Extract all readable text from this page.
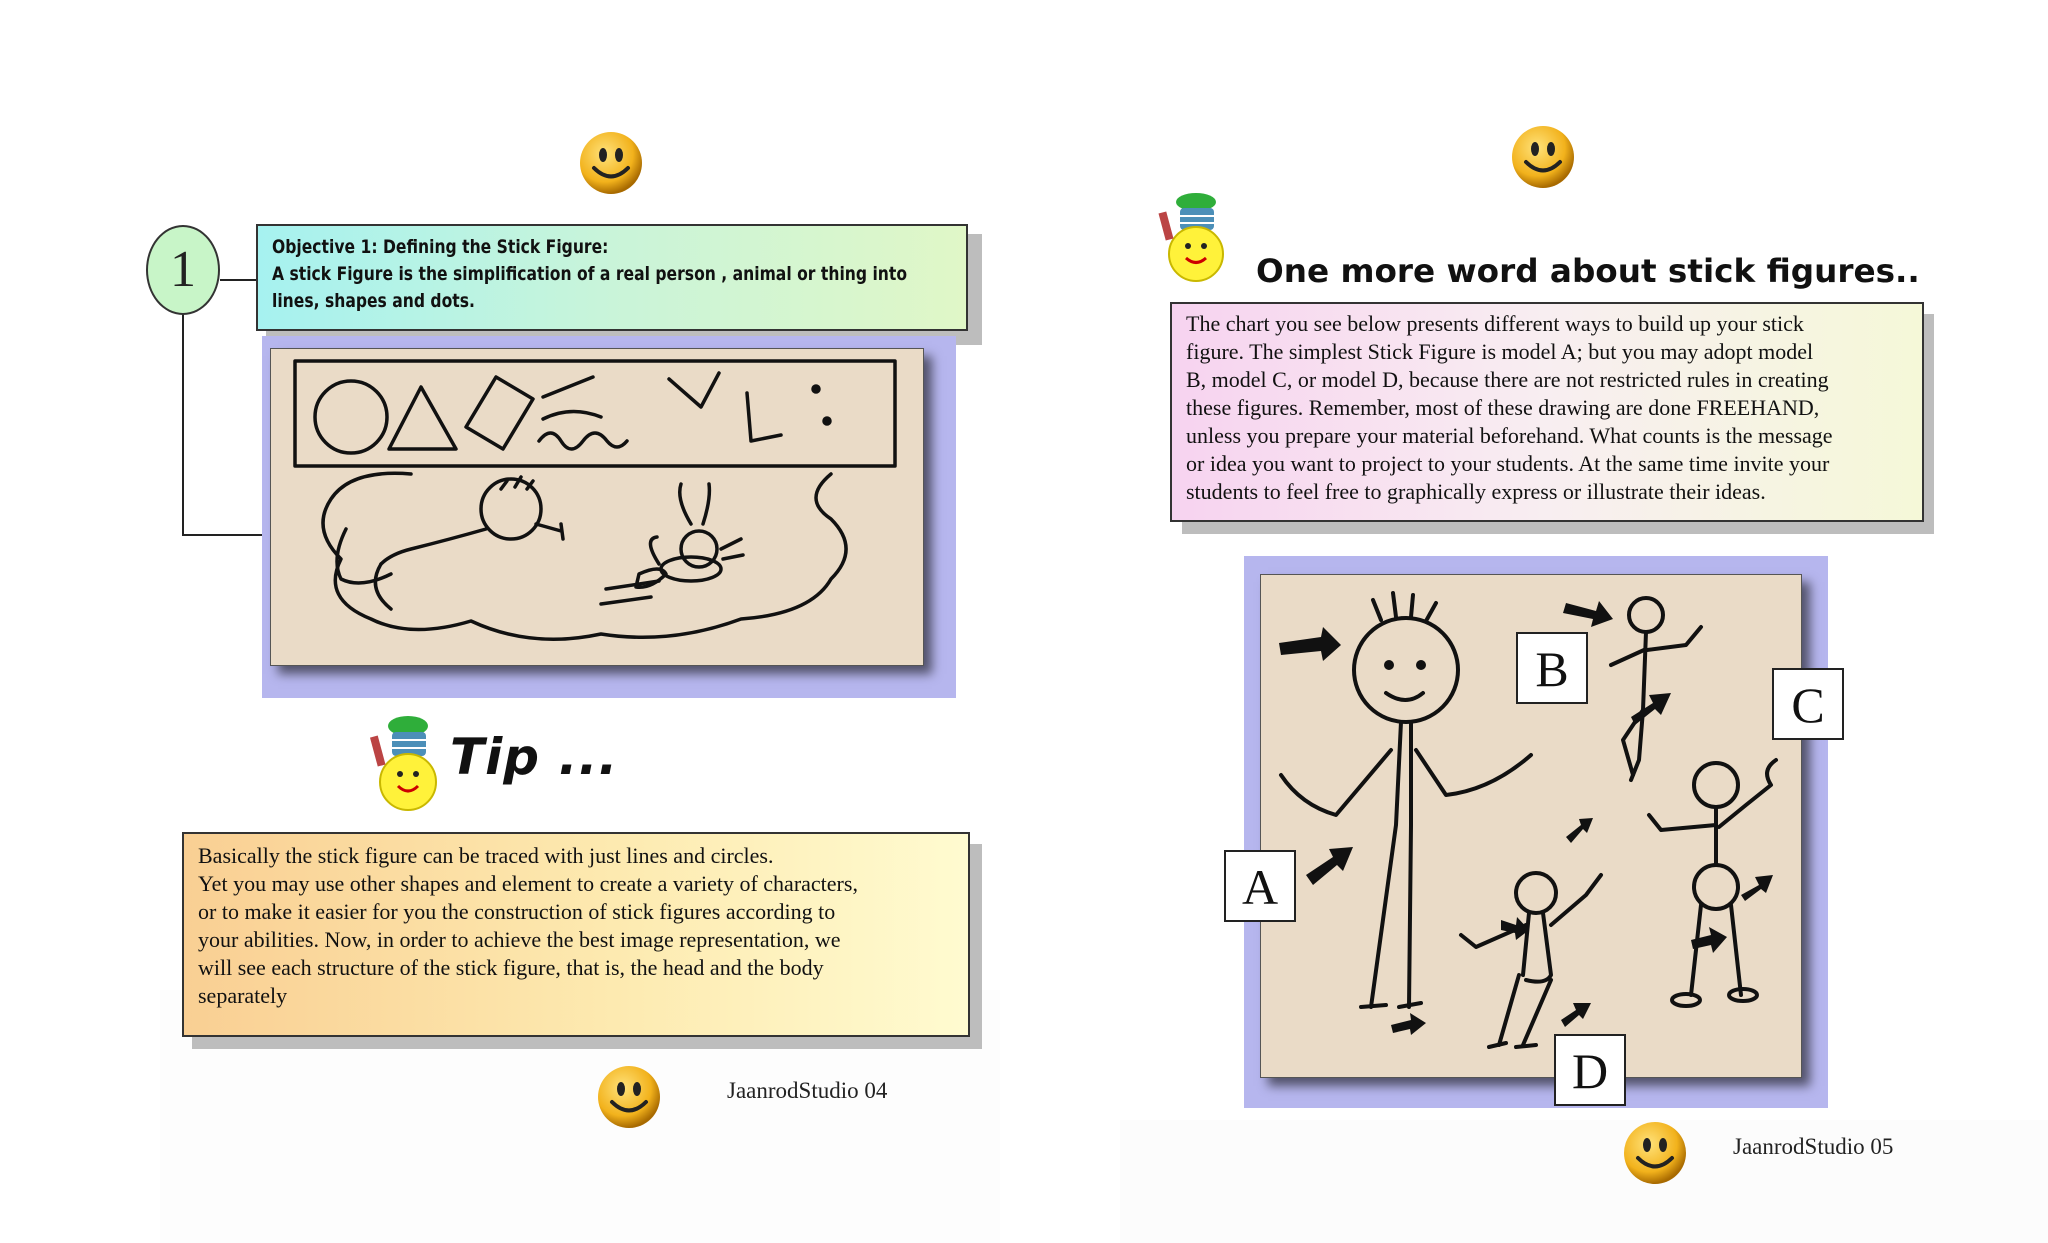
Objective 1: Defining the Stick Figure:
A stick Figure is the simplification of a real person , animal or thing into
lines, shapes and dots.
1
Tip ...
Basically the stick figure can be traced with just lines and circles.
Yet you may use other shapes and element to create a variety of characters,
or to make it easier for you the construction of stick figures according to
your abilities. Now, in order to achieve the best image representation, we
will see each structure of the stick figure, that is, the head and the body
separately
JaanrodStudio 04
One more word about stick figures..
The chart you see below presents different ways to build up your stick
figure. The simplest Stick Figure is model A; but you may adopt model
B, model C, or model D, because there are not restricted rules in creating
these figures. Remember, most of these drawing are done FREEHAND,
unless you prepare your material beforehand. What counts is the message
or idea you want to project to your students. At the same time invite your
students to feel free to graphically express or illustrate their ideas.
A
B
C
D
JaanrodStudio 05
